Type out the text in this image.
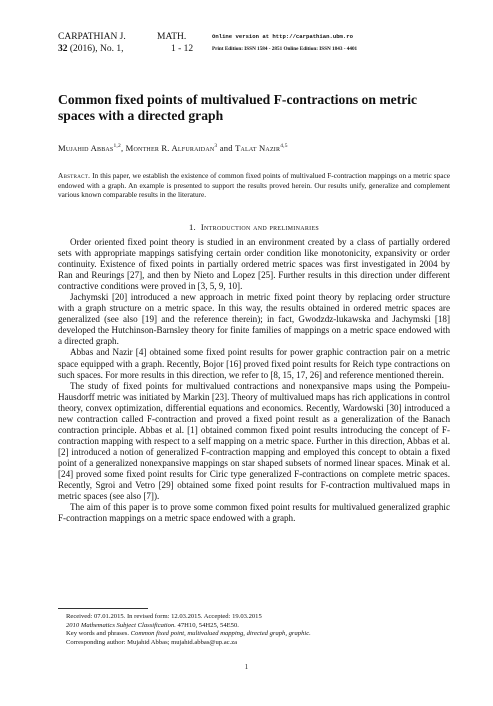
CARPATHIAN J.
32 (2016), No. 1,
MATH.
1 - 12
Online version at http://carpathian.ubm.ro
Print Edition: ISSN 1584 - 2851 Online Edition: ISSN 1843 - 4401
Common fixed points of multivalued F-contractions on metric spaces with a directed graph
Mujahid Abbas$^{1,2}$, Monther R. Alfuraidan$^3$ and Talat Nazir$^{4,5}$

Abstract. In this paper, we establish the existence of common fixed points of multivalued F-contraction mappings on a metric space endowed with a graph. An example is presented to support the results proved herein. Our results unify, generalize and complement various known comparable results in the literature.

1. Introduction and preliminaries

Order oriented fixed point theory is studied in an environment created by a class of partially ordered sets with appropriate mappings satisfying certain order condition like monotonicity, expansivity or order continuity. Existence of fixed points in partially ordered metric spaces was first investigated in 2004 by Ran and Reurings [27], and then by Nieto and Lopez [25]. Further results in this direction under different contractive conditions were proved in [3, 5, 9, 10].

Jachymski [20] introduced a new approach in metric fixed point theory by replacing order structure with a graph structure on a metric space. In this way, the results obtained in ordered metric spaces are generalized (see also [19] and the reference therein); in fact, Gwodzdz-lukawska and Jachymski [18] developed the Hutchinson-Barnsley theory for finite families of mappings on a metric space endowed with a directed graph.

Abbas and Nazir [4] obtained some fixed point results for power graphic contraction pair on a metric space equipped with a graph. Recently, Bojor [16] proved fixed point results for Reich type contractions on such spaces. For more results in this direction, we refer to [8, 15, 17, 26] and reference mentioned therein.

The study of fixed points for multivalued contractions and nonexpansive maps using the Pompeiu-Hausdorff metric was initiated by Markin [23]. Theory of multivalued maps has rich applications in control theory, convex optimization, differential equations and economics. Recently, Wardowski [30] introduced a new contraction called F-contraction and proved a fixed point result as a generalization of the Banach contraction principle. Abbas et al. [1] obtained common fixed point results introducing the concept of F-contraction mapping with respect to a self mapping on a metric space. Further in this direction, Abbas et al. [2] introduced a notion of generalized F-contraction mapping and employed this concept to obtain a fixed point of a generalized nonexpansive mappings on star shaped subsets of normed linear spaces. Minak et al. [24] proved some fixed point results for Ciric type generalized F-contractions on complete metric spaces. Recently, Sgroi and Vetro [29] obtained some fixed point results for F-contraction multivalued maps in metric spaces (see also [7]).

The aim of this paper is to prove some common fixed point results for multivalued generalized graphic F-contraction mappings on a metric space endowed with a graph.

Received: 07.01.2015. In revised form: 12.03.2015. Accepted: 19.03.2015
2010 Mathematics Subject Classification. 47H10, 54H25, 54E50.
Key words and phrases. Common fixed point, multivalued mapping, directed graph, graphic.
Corresponding author: Mujahid Abbas; mujahid.abbas@up.ac.za
1
